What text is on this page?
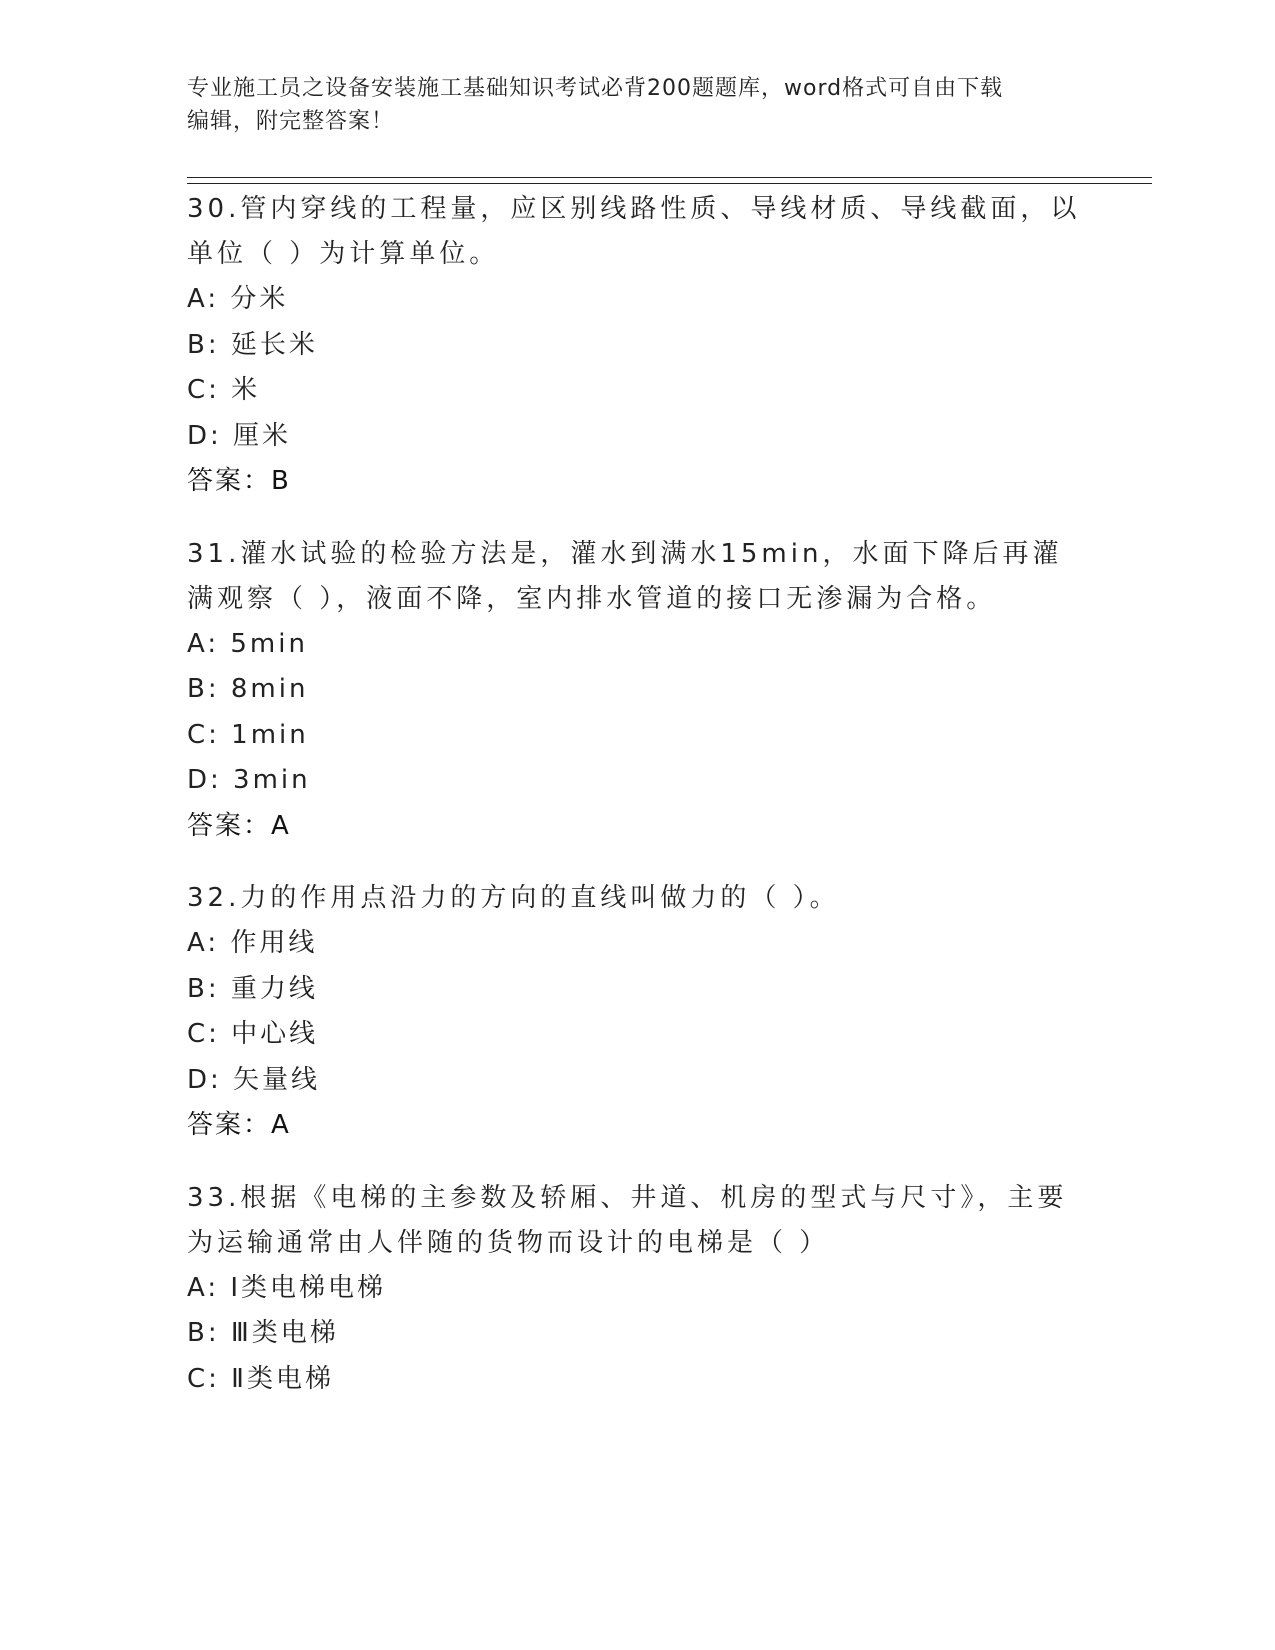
专业施工员之设备安装施工基础知识考试必背200题题库，word格式可自由下载
编辑，附完整答案！

30.管内穿线的工程量，应区别线路性质、导线材质、导线截面，以单位（ ）为计算单位。

A: 分米

B: 延长米

C: 米

D: 厘米

答案：B

31.灌水试验的检验方法是，灌水到满水15min，水面下降后再灌满观察（ ），液面不降，室内排水管道的接口无渗漏为合格。

A: 5min

B: 8min

C: 1min

D: 3min

答案：A

32.力的作用点沿力的方向的直线叫做力的（ ）。

A: 作用线

B: 重力线

C: 中心线

D: 矢量线

答案：A

33.根据《电梯的主参数及轿厢、井道、机房的型式与尺寸》，主要为运输通常由人伴随的货物而设计的电梯是（ ）

A: Ⅰ类电梯电梯

B: Ⅲ类电梯

C: Ⅱ类电梯
